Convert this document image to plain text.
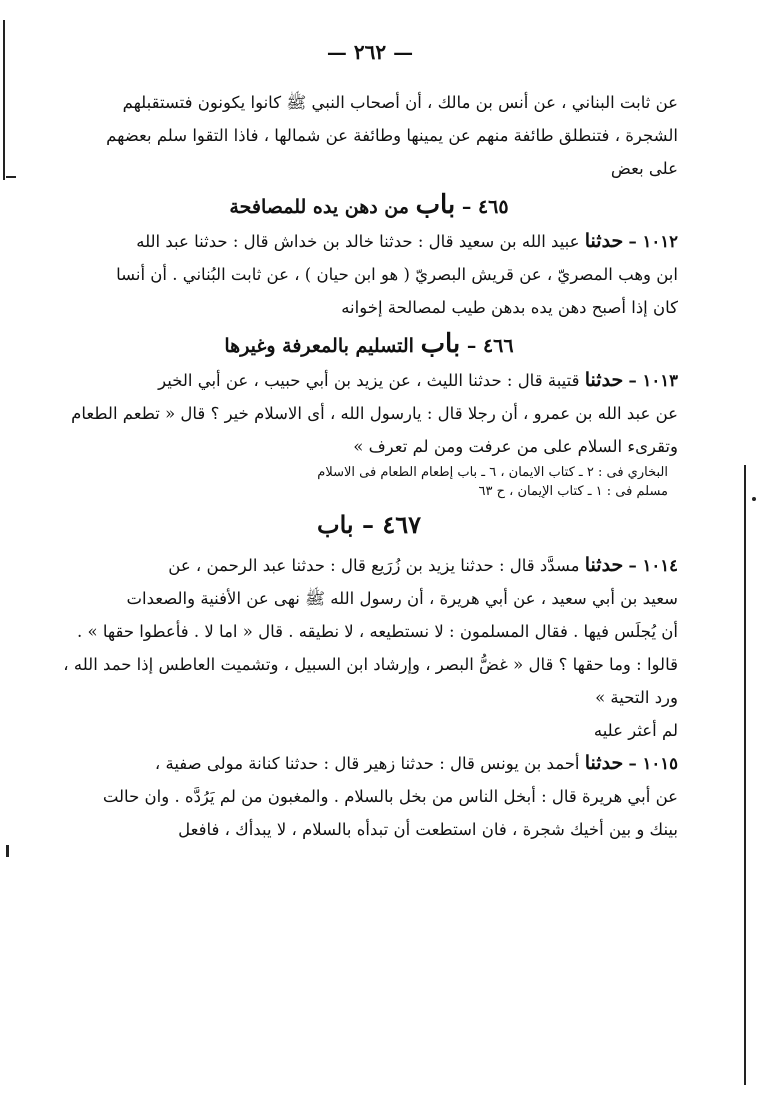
— ٢٦٢ —
عن ثابت البناني ، عن أنس بن مالك ، أن أصحاب النبي ﷺ كانوا يكونون فتستقبلهم
الشجرة ، فتنطلق طائفة منهم عن يمينها وطائفة عن شمالها ، فاذا التقوا سلم بعضهم
على بعض
٤٦٥ – باب من دهن يده للمصافحة
١٠١٢ – حدثنا عبيد الله بن سعيد قال : حدثنا خالد بن خداش قال : حدثنا عبد الله
ابن وهب المصريّ ، عن قريش البصريّ ( هو ابن حيان ) ، عن ثابت البُناني . أن أنسا
كان إذا أصبح دهن يده بدهن طيب لمصالحة إخوانه
٤٦٦ – باب التسليم بالمعرفة وغيرها
١٠١٣ – حدثنا قتيبة قال : حدثنا الليث ، عن يزيد بن أبي حبيب ، عن أبي الخير
عن عبد الله بن عمرو ، أن رجلا قال : يارسول الله ، أى الاسلام خير ؟ قال « تطعم الطعام
وتقرىء السلام على من عرفت ومن لم تعرف »
البخاري فى : ٢ ـ كتاب الايمان ، ٦ ـ باب إطعام الطعام فى الاسلام
مسلم فى : ١ ـ كتاب الإيمان ، ح ٦٣
٤٦٧ – باب
١٠١٤ – حدثنا مسدَّد قال : حدثنا يزيد بن زُرَيع قال : حدثنا عبد الرحمن ، عن
سعيد بن أبي سعيد ، عن أبي هريرة ، أن رسول الله ﷺ نهى عن الأفنية والصعدات
أن يُجلَس فيها . فقال المسلمون : لا نستطيعه ، لا نطيقه . قال « اما لا . فأعطوا حقها » .
قالوا : وما حقها ؟ قال « غضُّ البصر ، وإرشاد ابن السبيل ، وتشميت العاطس إذا حمد الله ،
ورد التحية »
لم أعثر عليه
١٠١٥ – حدثنا أحمد بن يونس قال : حدثنا زهير قال : حدثنا كنانة مولى صفية ،
عن أبي هريرة قال : أبخل الناس من بخل بالسلام . والمغبون من لم يَرُدَّه . وان حالت
بينك و بين أخيك شجرة ، فان استطعت أن تبدأه بالسلام ، لا يبدأك ، فافعل
